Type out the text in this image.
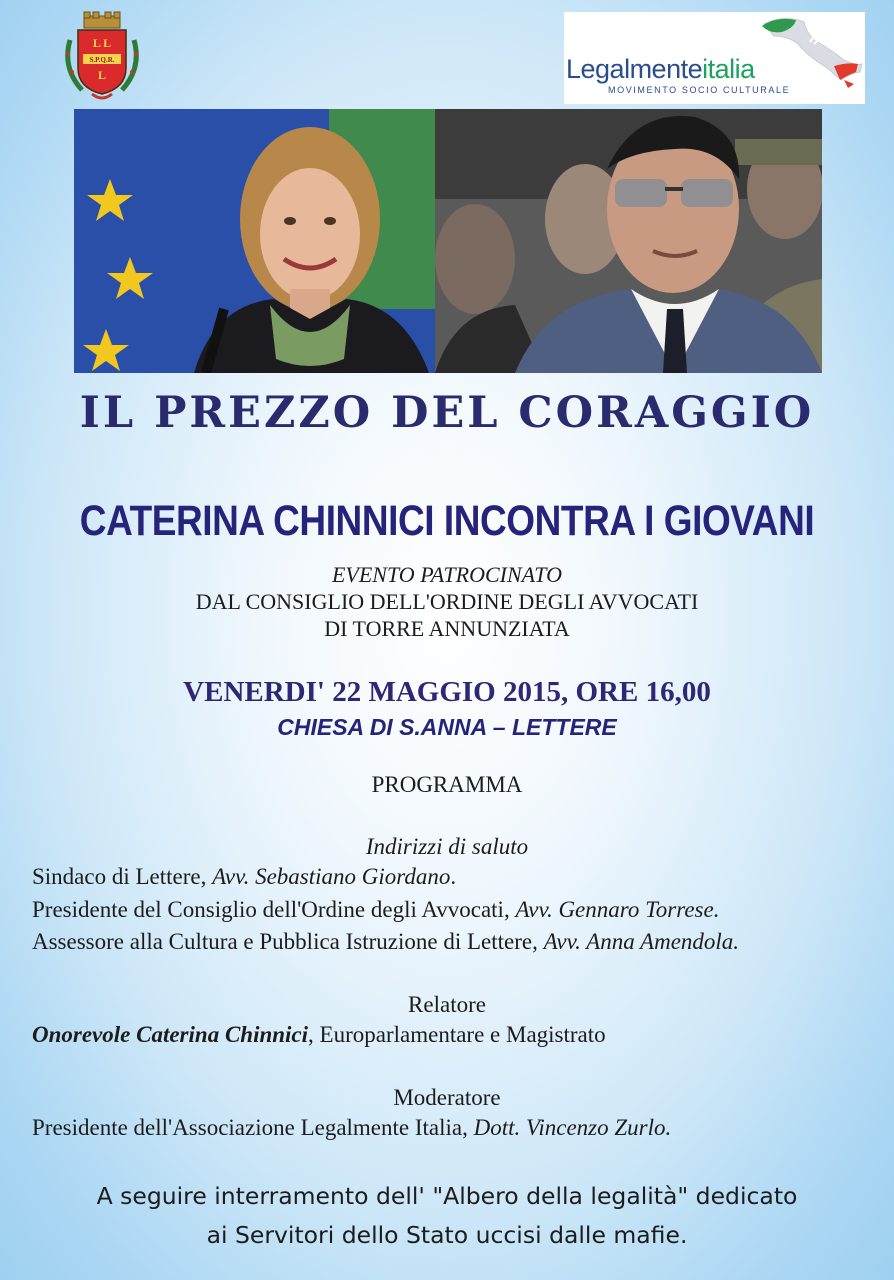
L L
S.P.Q.R.
L	Legalmenteitalia
MOVIMENTO SOCIO CULTURALE
IL PREZZO DEL CORAGGIO
CATERINA CHINNICI INCONTRA I GIOVANI
EVENTO PATROCINATO
DAL CONSIGLIO DELL'ORDINE DEGLI AVVOCATI
DI TORRE ANNUNZIATA
VENERDI' 22 MAGGIO 2015, ORE 16,00
CHIESA DI S.ANNA – LETTERE
PROGRAMMA
Indirizzi di saluto
Sindaco di Lettere, Avv. Sebastiano Giordano.
Presidente del Consiglio dell'Ordine degli Avvocati, Avv. Gennaro Torrese.
Assessore alla Cultura e Pubblica Istruzione di Lettere, Avv. Anna Amendola.
Relatore
Onorevole Caterina Chinnici, Europarlamentare e Magistrato
Moderatore
Presidente dell'Associazione Legalmente Italia, Dott. Vincenzo Zurlo.
A seguire interramento dell' "Albero della legalità" dedicato
ai Servitori dello Stato uccisi dalle mafie.
